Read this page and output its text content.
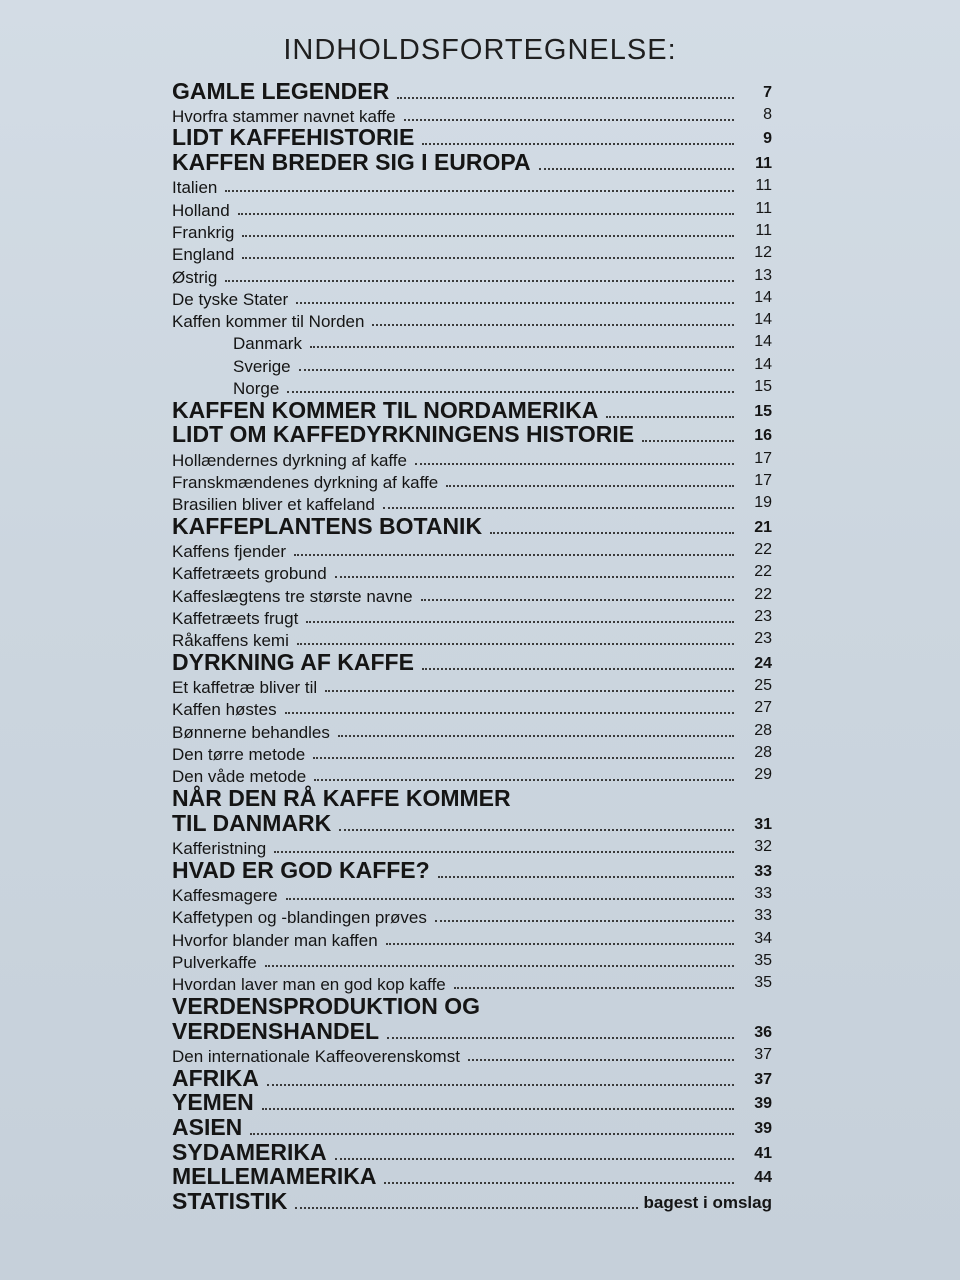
INDHOLDSFORTEGNELSE:
GAMLE LEGENDER	7
Hvorfra stammer navnet kaffe	8
LIDT KAFFEHISTORIE	9
KAFFEN BREDER SIG I EUROPA	11
Italien	11
Holland	11
Frankrig	11
England	12
Østrig	13
De tyske Stater	14
Kaffen kommer til Norden	14
Danmark	14
Sverige	14
Norge	15
KAFFEN KOMMER TIL NORDAMERIKA	15
LIDT OM KAFFEDYRKNINGENS HISTORIE	16
Hollændernes dyrkning af kaffe	17
Franskmændenes dyrkning af kaffe	17
Brasilien bliver et kaffeland	19
KAFFEPLANTENS BOTANIK	21
Kaffens fjender	22
Kaffetræets grobund	22
Kaffeslægtens tre største navne	22
Kaffetræets frugt	23
Råkaffens kemi	23
DYRKNING AF KAFFE	24
Et kaffetræ bliver til	25
Kaffen høstes	27
Bønnerne behandles	28
Den tørre metode	28
Den våde metode	29
NÅR DEN RÅ KAFFE KOMMER
TIL DANMARK	31
Kafferistning	32
HVAD ER GOD KAFFE?	33
Kaffesmagere	33
Kaffetypen og -blandingen prøves	33
Hvorfor blander man kaffen	34
Pulverkaffe	35
Hvordan laver man en god kop kaffe	35
VERDENSPRODUKTION OG
VERDENSHANDEL	36
Den internationale Kaffeoverenskomst	37
AFRIKA	37
YEMEN	39
ASIEN	39
SYDAMERIKA	41
MELLEMAMERIKA	44
STATISTIK	bagest i omslag
